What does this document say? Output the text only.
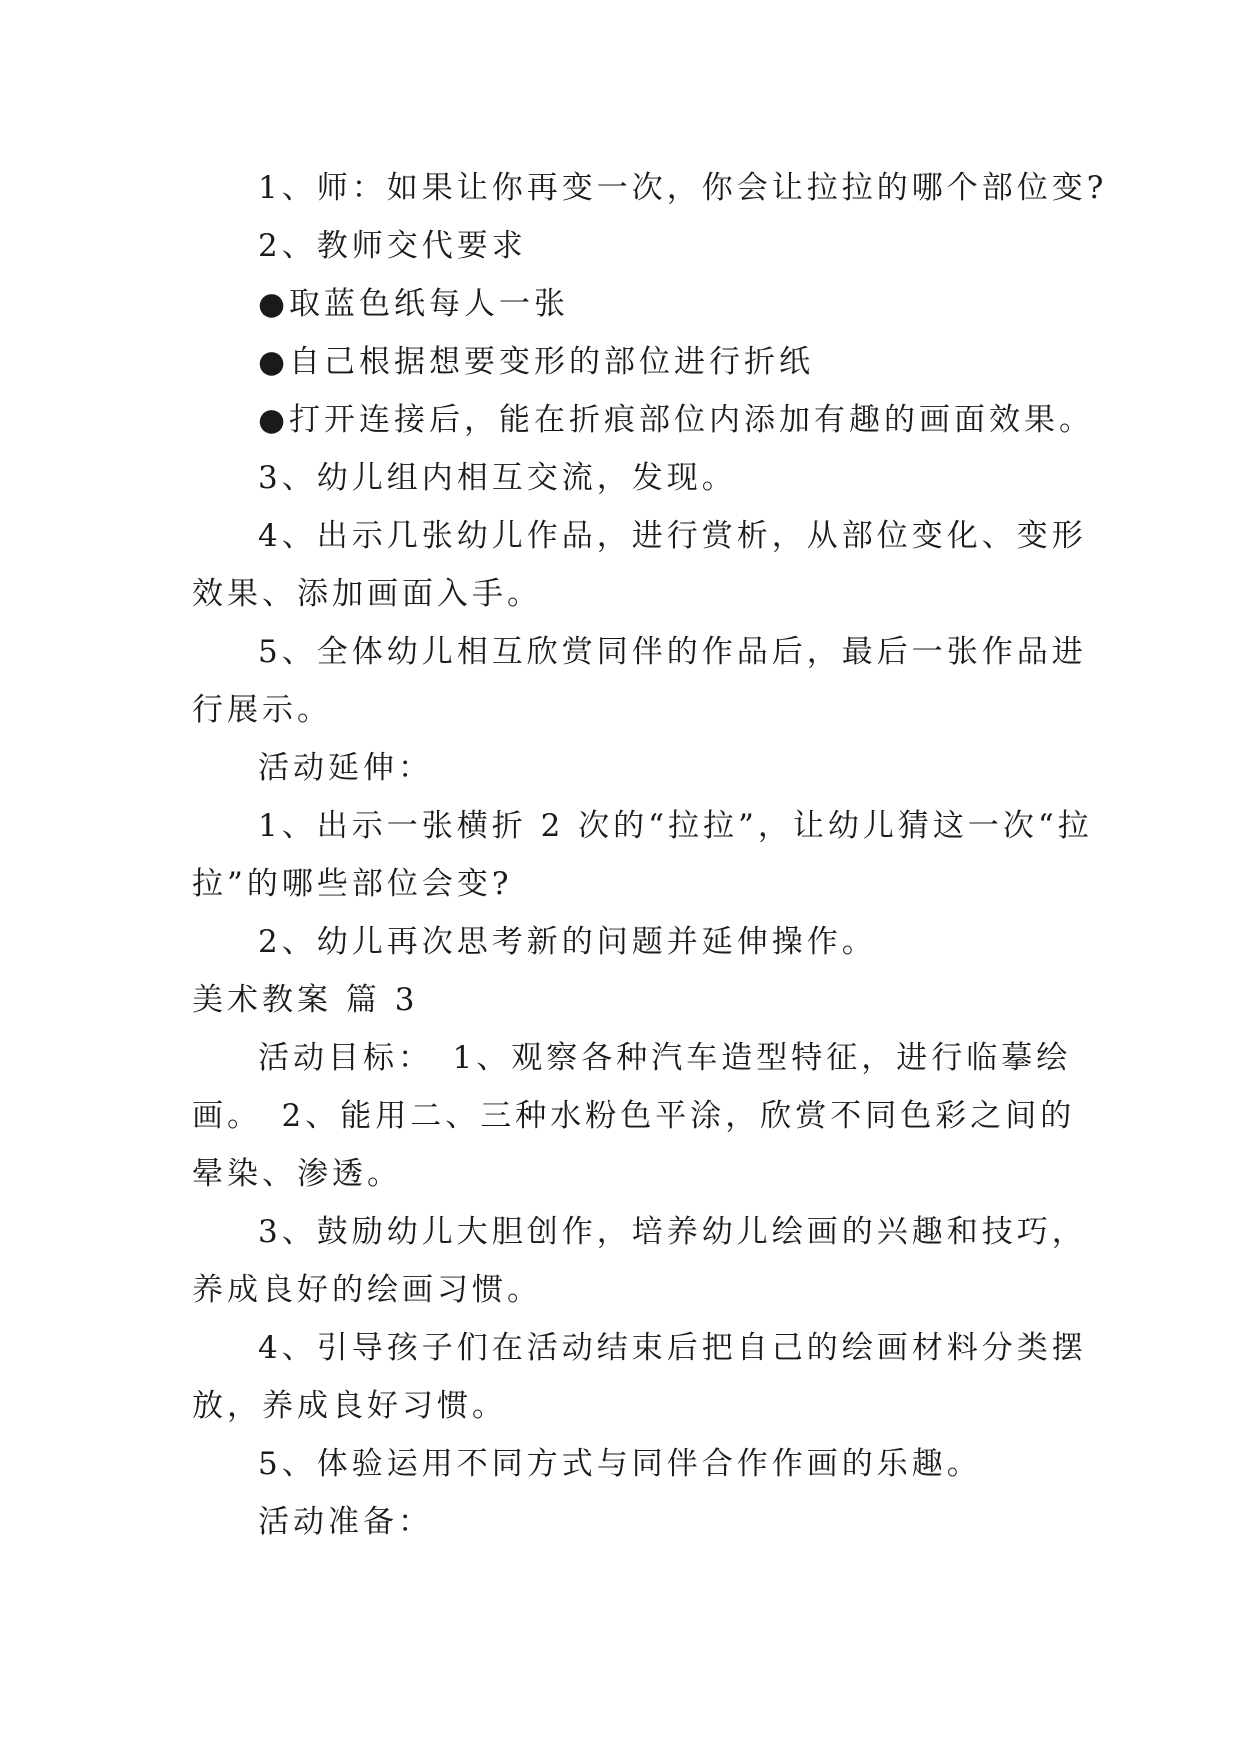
1、师：如果让你再变一次，你会让拉拉的哪个部位变?
2、教师交代要求
●取蓝色纸每人一张
●自己根据想要变形的部位进行折纸
●打开连接后，能在折痕部位内添加有趣的画面效果。
3、幼儿组内相互交流，发现。
4、出示几张幼儿作品，进行赏析，从部位变化、变形
效果、添加画面入手。
5、全体幼儿相互欣赏同伴的作品后，最后一张作品进
行展示。
活动延伸：
1、出示一张横折 2 次的“拉拉”，让幼儿猜这一次“拉
拉”的哪些部位会变?
2、幼儿再次思考新的问题并延伸操作。
美术教案 篇 3
活动目标：　1、观察各种汽车造型特征，进行临摹绘
画。　2、能用二、三种水粉色平涂，欣赏不同色彩之间的
晕染、渗透。
3、鼓励幼儿大胆创作，培养幼儿绘画的兴趣和技巧，
养成良好的绘画习惯。
4、引导孩子们在活动结束后把自己的绘画材料分类摆
放，养成良好习惯。
5、体验运用不同方式与同伴合作作画的乐趣。
活动准备：
